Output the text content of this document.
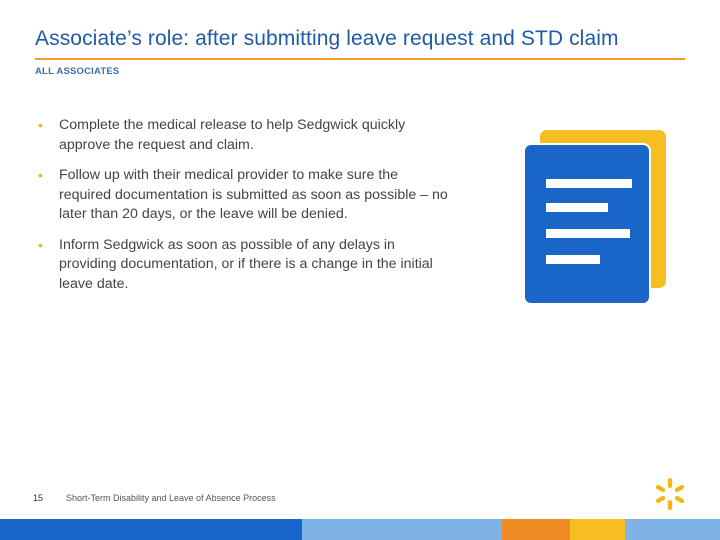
Associate’s role: after submitting leave request and STD claim
ALL ASSOCIATES
• Complete the medical release to help Sedgwick quickly approve the request and claim.
• Follow up with their medical provider to make sure the required documentation is submitted as soon as possible – no later than 20 days, or the leave will be denied.
• Inform Sedgwick as soon as possible of any delays in providing documentation, or if there is a change in the initial leave date.
15	Short-Term Disability and Leave of Absence Process
